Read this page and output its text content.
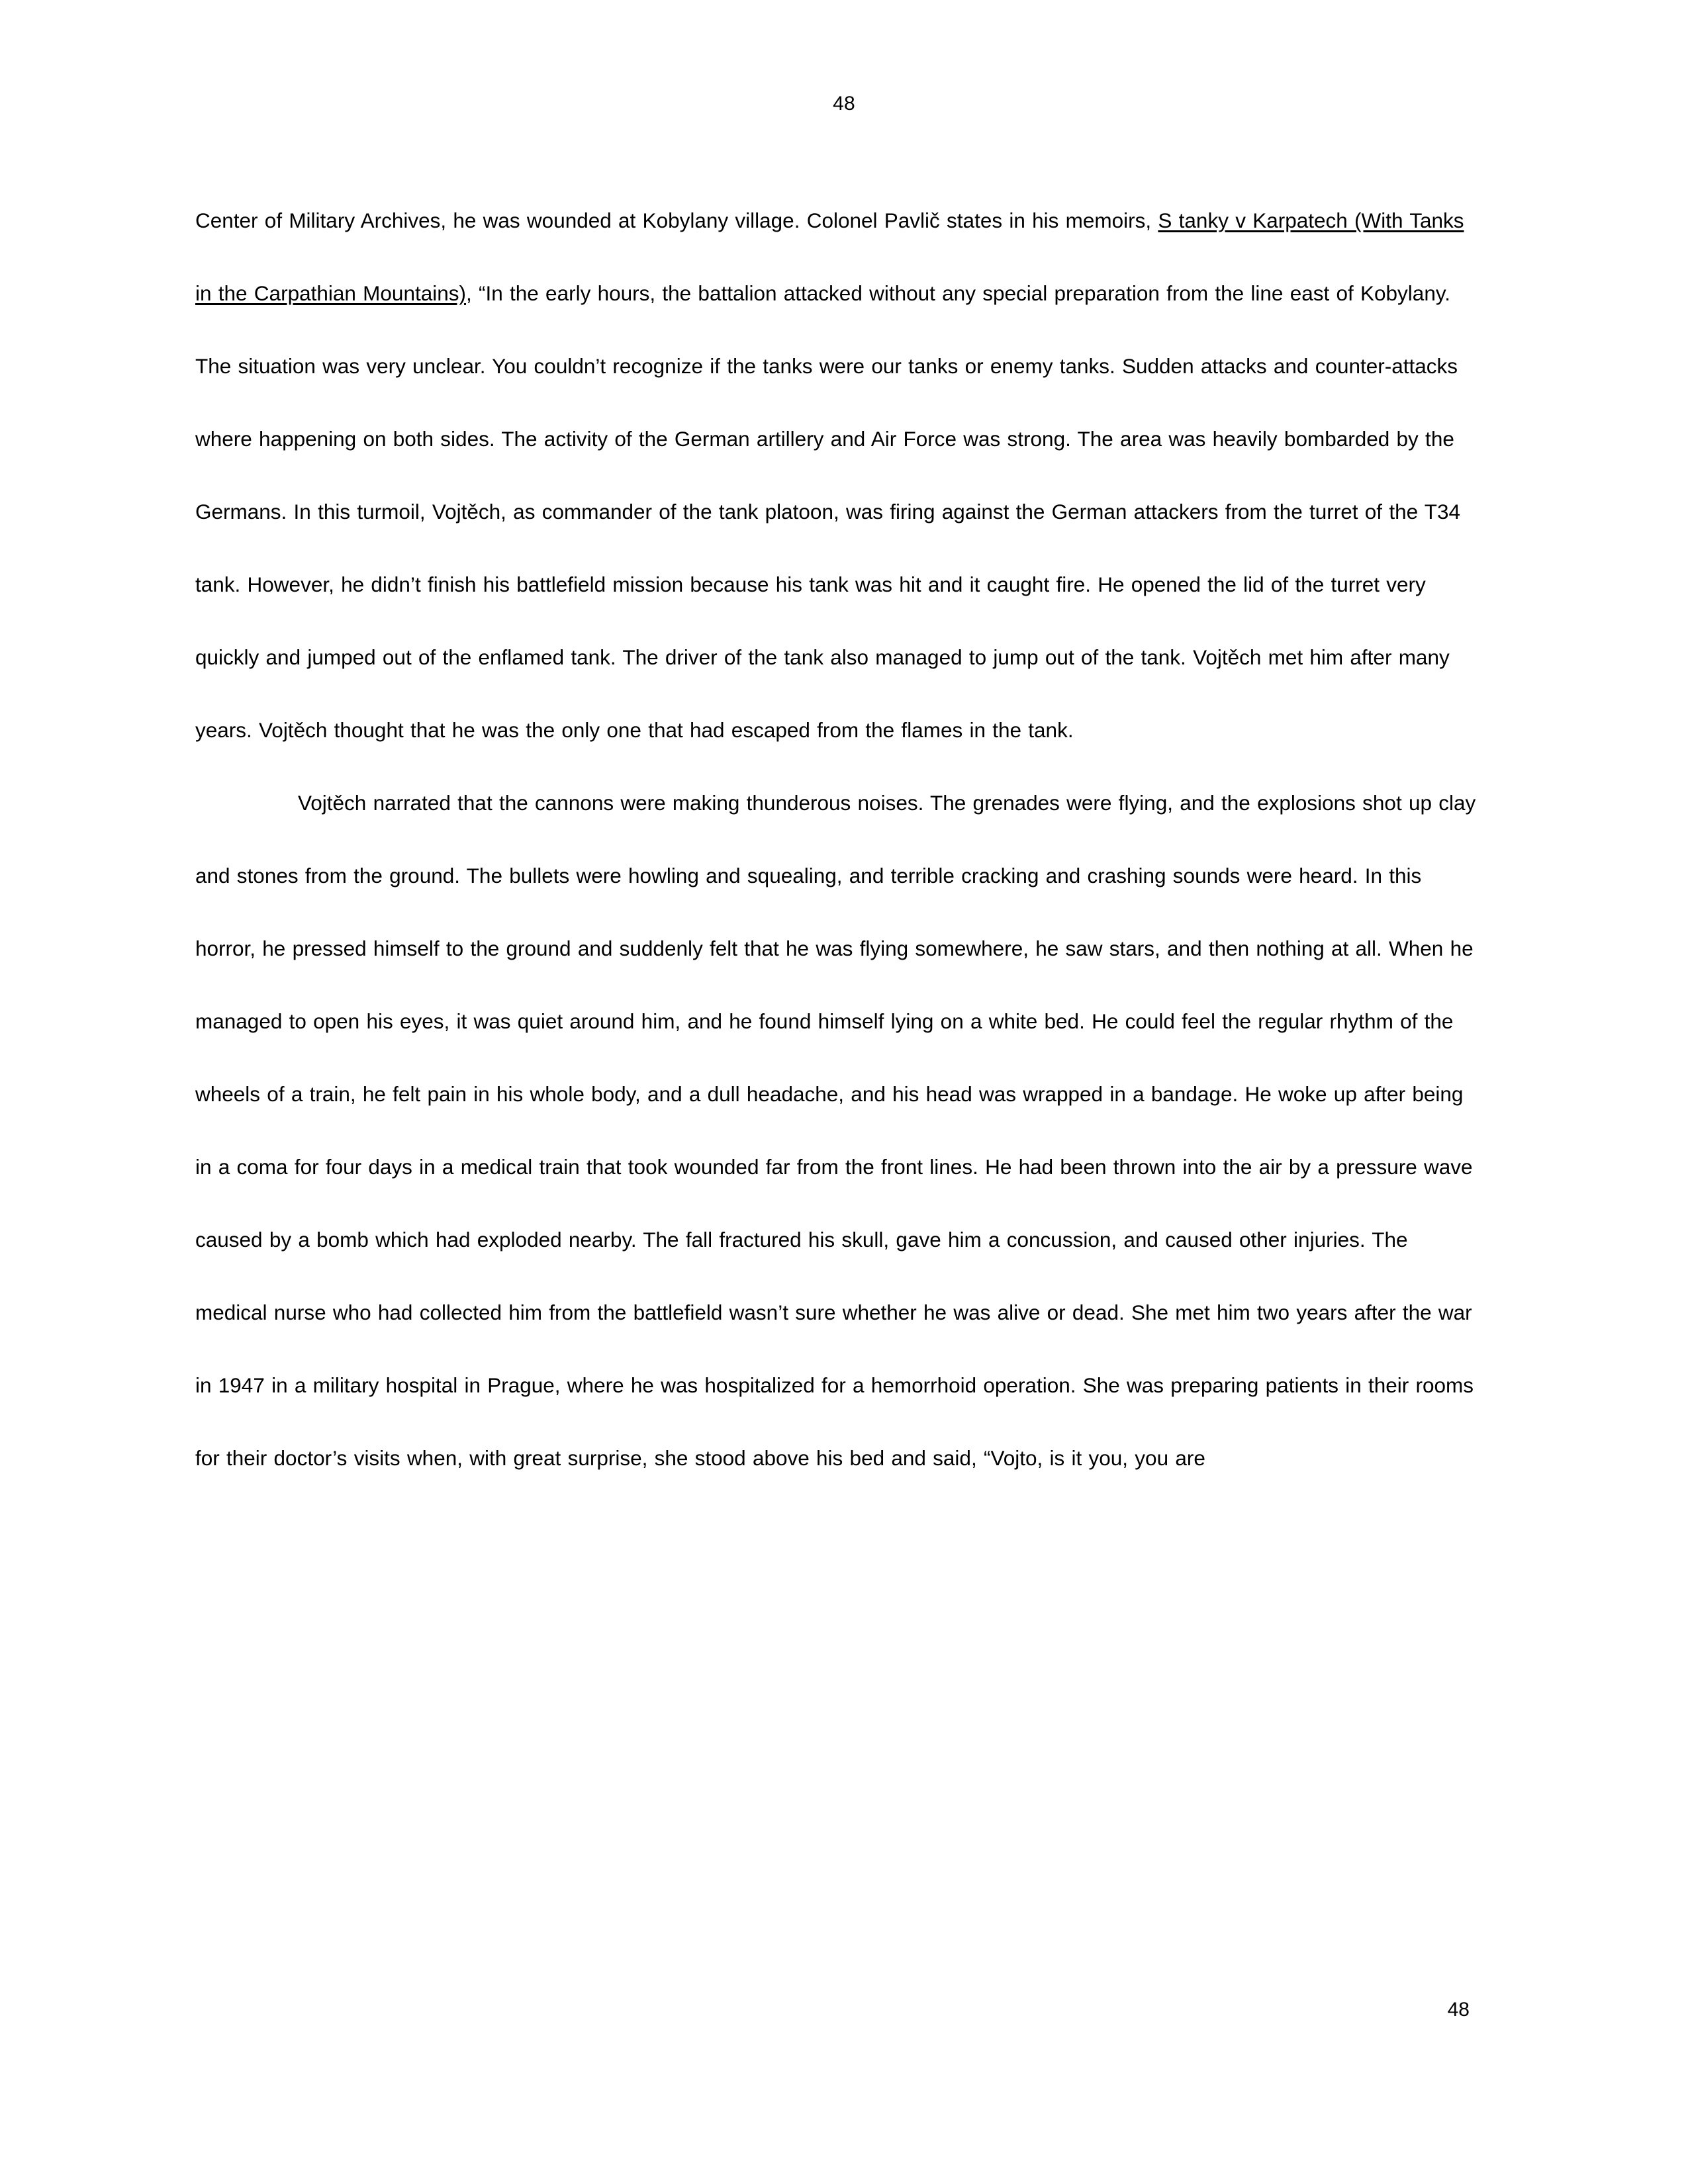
48

Center of Military Archives, he was wounded at Kobylany village. Colonel Pavlič states in his memoirs, S tanky v Karpatech (With Tanks in the Carpathian Mountains), “In the early hours, the battalion attacked without any special preparation from the line east of Kobylany. The situation was very unclear. You couldn’t recognize if the tanks were our tanks or enemy tanks. Sudden attacks and counter-attacks where happening on both sides. The activity of the German artillery and Air Force was strong. The area was heavily bombarded by the Germans. In this turmoil, Vojtěch, as commander of the tank platoon, was firing against the German attackers from the turret of the T34 tank. However, he didn’t finish his battlefield mission because his tank was hit and it caught fire. He opened the lid of the turret very quickly and jumped out of the enflamed tank. The driver of the tank also managed to jump out of the tank. Vojtěch met him after many years. Vojtěch thought that he was the only one that had escaped from the flames in the tank.

Vojtěch narrated that the cannons were making thunderous noises. The grenades were flying, and the explosions shot up clay and stones from the ground. The bullets were howling and squealing, and terrible cracking and crashing sounds were heard. In this horror, he pressed himself to the ground and suddenly felt that he was flying somewhere, he saw stars, and then nothing at all. When he managed to open his eyes, it was quiet around him, and he found himself lying on a white bed. He could feel the regular rhythm of the wheels of a train, he felt pain in his whole body, and a dull headache, and his head was wrapped in a bandage. He woke up after being in a coma for four days in a medical train that took wounded far from the front lines. He had been thrown into the air by a pressure wave caused by a bomb which had exploded nearby. The fall fractured his skull, gave him a concussion, and caused other injuries. The medical nurse who had collected him from the battlefield wasn’t sure whether he was alive or dead. She met him two years after the war in 1947 in a military hospital in Prague, where he was hospitalized for a hemorrhoid operation. She was preparing patients in their rooms for their doctor’s visits when, with great surprise, she stood above his bed and said, “Vojto, is it you, you are

48
